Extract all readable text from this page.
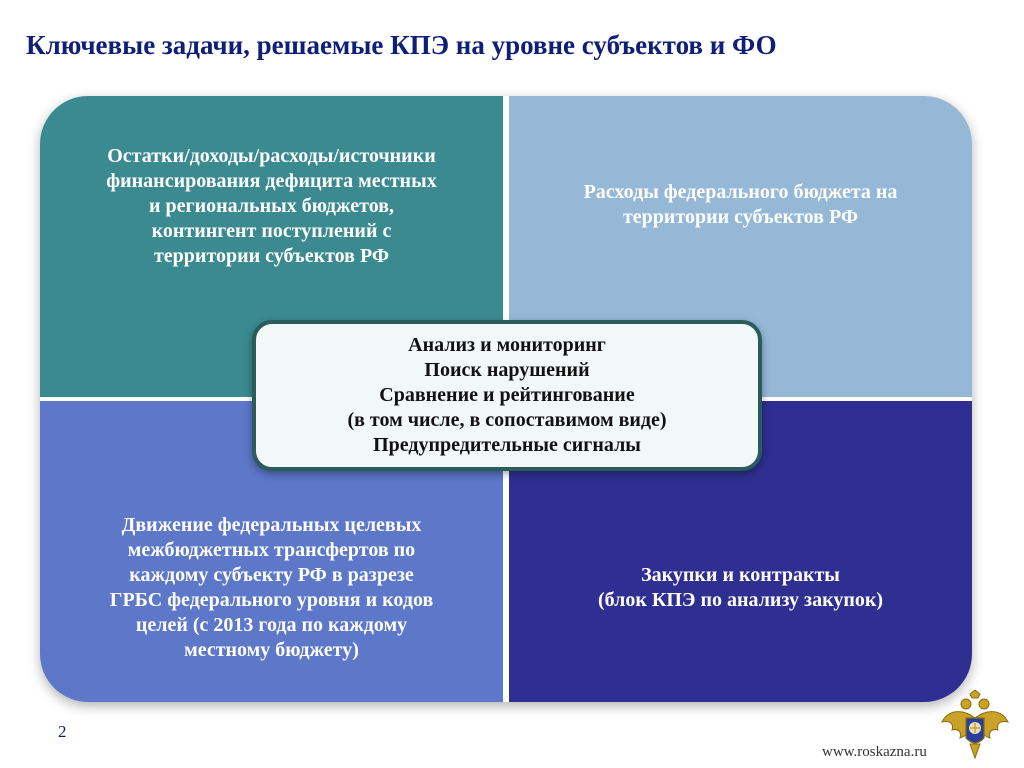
Ключевые задачи, решаемые КПЭ на уровне субъектов и ФО
Остатки/доходы/расходы/источники
финансирования дефицита местных
и региональных бюджетов,
контингент поступлений с
территории субъектов РФ
Расходы федерального бюджета на
территории субъектов РФ
Движение федеральных целевых
межбюджетных трансфертов по
каждому субъекту РФ в разрезе
ГРБС федерального уровня и кодов
целей (с 2013 года по каждому
местному бюджету)
Закупки и контракты
(блок КПЭ по анализу закупок)
Анализ и мониторинг
Поиск нарушений
Сравнение и рейтингование
(в том числе, в сопоставимом виде)
Предупредительные сигналы
2
www.roskazna.ru
